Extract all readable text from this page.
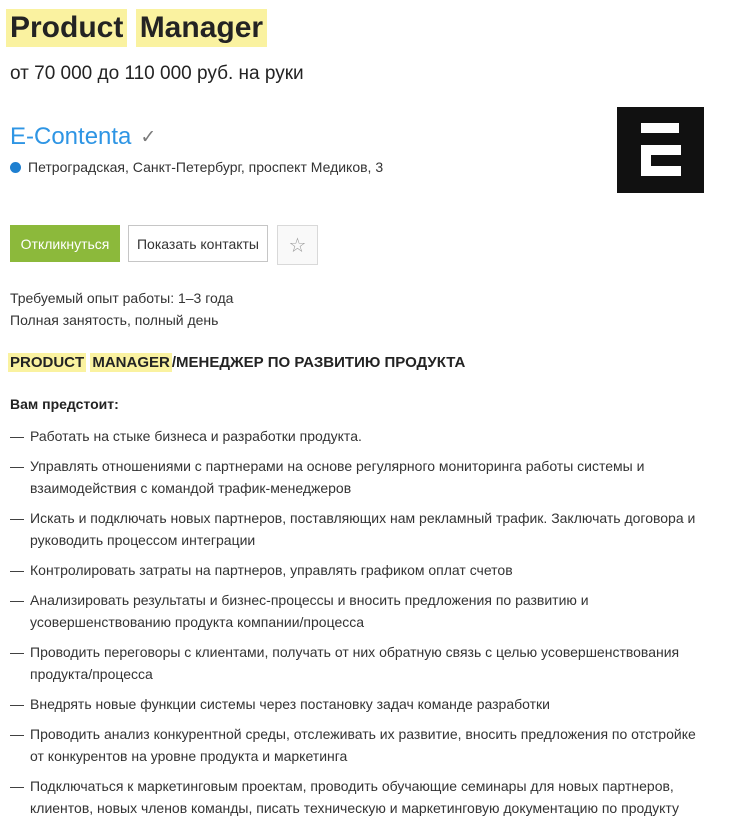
Product Manager
от 70 000 до 110 000 руб. на руки
E-Contenta ✓
Петроградская, Санкт-Петербург, проспект Медиков, 3
Откликнуться	Показать контакты	☆
Требуемый опыт работы: 1–3 года
Полная занятость, полный день
PRODUCT MANAGER /МЕНЕДЖЕР ПО РАЗВИТИЮ ПРОДУКТА
Вам предстоит:
— Работать на стыке бизнеса и разработки продукта.
— Управлять отношениями с партнерами на основе регулярного мониторинга работы системы и взаимодействия с командой трафик-менеджеров
— Искать и подключать новых партнеров, поставляющих нам рекламный трафик. Заключать договора и руководить процессом интеграции
— Контролировать затраты на партнеров, управлять графиком оплат счетов
— Анализировать результаты и бизнес-процессы и вносить предложения по развитию и усовершенствованию продукта компании/процесса
— Проводить переговоры с клиентами, получать от них обратную связь с целью усовершенствования продукта/процесса
— Внедрять новые функции системы через постановку задач команде разработки
— Проводить анализ конкурентной среды, отслеживать их развитие, вносить предложения по отстройке от конкурентов на уровне продукта и маркетинга
— Подключаться к маркетинговым проектам, проводить обучающие семинары для новых партнеров, клиентов, новых членов команды, писать техническую и маркетинговую документацию по продукту
